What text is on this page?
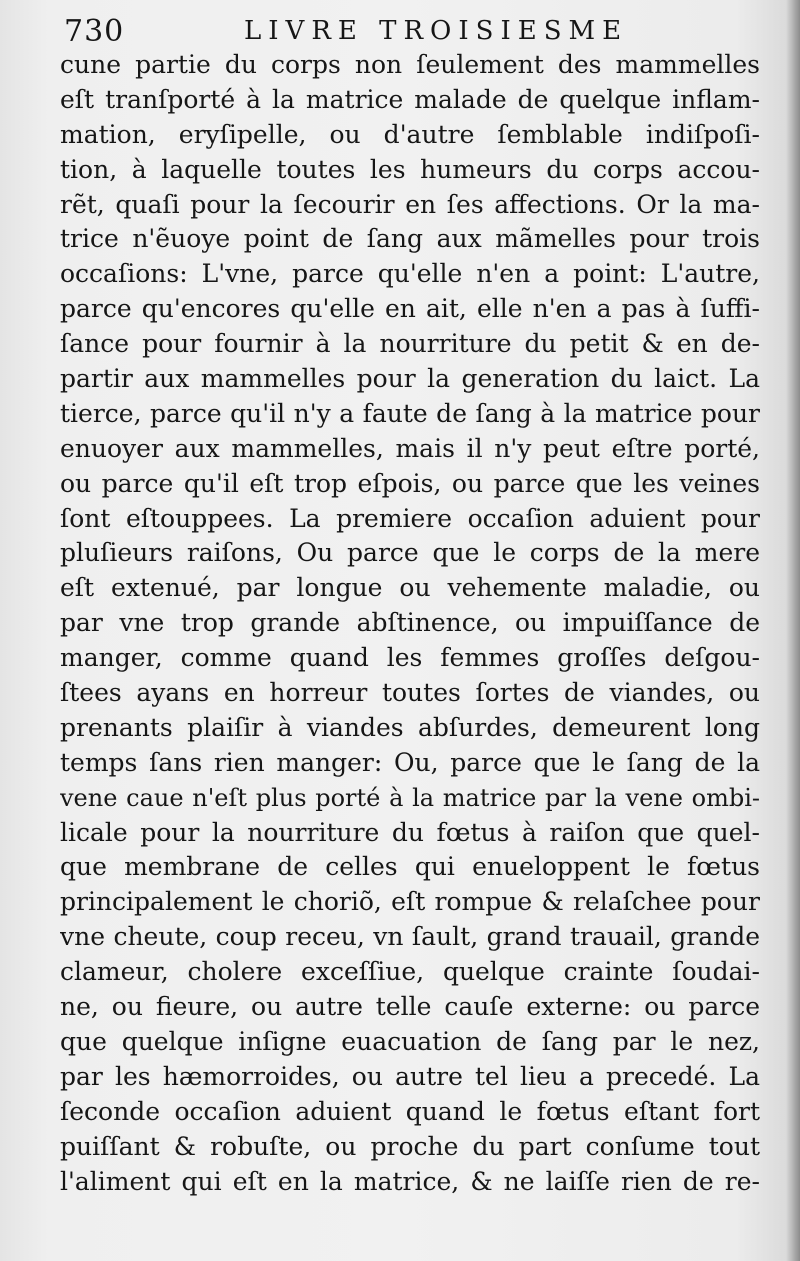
730	LIVRE TROISIESME
cune partie du corps non ſeulement des mammelles
eſt tranſporté à la matrice malade de quelque inflam-
mation, eryſipelle, ou d'autre ſemblable indiſpoſi-
tion, à laquelle toutes les humeurs du corps accou-
rẽt, quaſi pour la ſecourir en ſes affections. Or la ma-
trice n'ẽuoye point de ſang aux mãmelles pour trois
occaſions: L'vne, parce qu'elle n'en a point: L'autre,
parce qu'encores qu'elle en ait, elle n'en a pas à ſuffi-
ſance pour fournir à la nourriture du petit & en de-
partir aux mammelles pour la generation du laict. La
tierce, parce qu'il n'y a faute de ſang à la matrice pour
enuoyer aux mammelles, mais il n'y peut eſtre porté,
ou parce qu'il eſt trop eſpois, ou parce que les veines
ſont eſtouppees. La premiere occaſion aduient pour
pluſieurs raiſons, Ou parce que le corps de la mere
eſt extenué, par longue ou vehemente maladie, ou
par vne trop grande abſtinence, ou impuiſſance de
manger, comme quand les femmes groſſes deſgou-
ſtees ayans en horreur toutes ſortes de viandes, ou
prenants plaiſir à viandes abſurdes, demeurent long
temps ſans rien manger: Ou, parce que le ſang de la
vene caue n'eſt plus porté à la matrice par la vene ombi-
licale pour la nourriture du fœtus à raiſon que quel-
que membrane de celles qui enueloppent le fœtus
principalement le choriõ, eſt rompue & relaſchee pour
vne cheute, coup receu, vn ſault, grand trauail, grande
clameur, cholere exceſſiue, quelque crainte ſoudai-
ne, ou fieure, ou autre telle cauſe externe: ou parce
que quelque inſigne euacuation de ſang par le nez,
par les hæmorroides, ou autre tel lieu a precedé. La
ſeconde occaſion aduient quand le fœtus eſtant fort
puiſſant & robuſte, ou proche du part conſume tout
l'aliment qui eſt en la matrice, & ne laiſſe rien de re-
